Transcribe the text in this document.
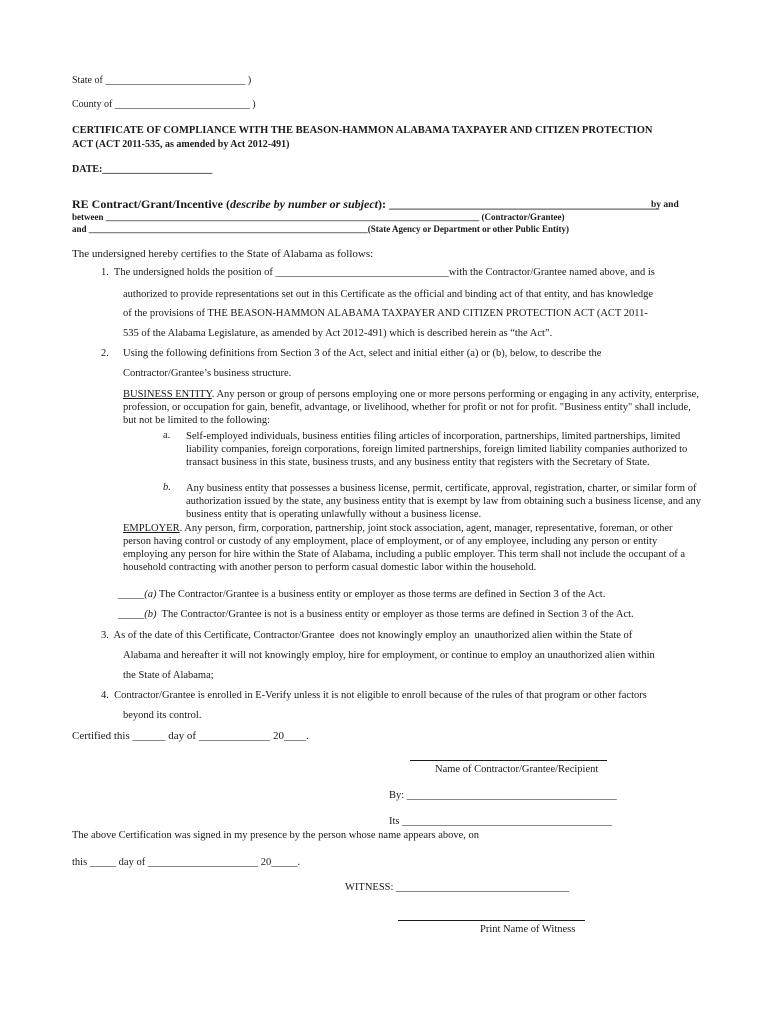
State of ____________________________ )
County of ___________________________ )
CERTIFICATE OF COMPLIANCE WITH THE BEASON-HAMMON ALABAMA TAXPAYER AND CITIZEN PROTECTION
ACT (ACT 2011-535, as amended by Act 2012-491)
DATE:______________________
RE Contract/Grant/Incentive (describe by number or subject): _____________________________________________
by and
between ___________________________________________________________________________________ (Contractor/Grantee)
and ______________________________________________________________(State Agency or Department or other Public Entity)
The undersigned hereby certifies to the State of Alabama as follows:
1.  The undersigned holds the position of _________________________________with the Contractor/Grantee named above, and is
authorized to provide representations set out in this Certificate as the official and binding act of that entity, and has knowledge
of the provisions of THE BEASON-HAMMON ALABAMA TAXPAYER AND CITIZEN PROTECTION ACT (ACT 2011-
535 of the Alabama Legislature, as amended by Act 2012-491) which is described herein as “the Act”.
2. Using the following definitions from Section 3 of the Act, select and initial either (a) or (b), below, to describe the
Contractor/Grantee’s business structure.
BUSINESS ENTITY. Any person or group of persons employing one or more persons performing or engaging in any activity, enterprise, profession, or occupation for gain, benefit, advantage, or livelihood, whether for profit or not for profit. "Business entity" shall include, but not be limited to the following:
a. Self-employed individuals, business entities filing articles of incorporation, partnerships, limited partnerships, limited liability companies, foreign corporations, foreign limited partnerships, foreign limited liability companies authorized to transact business in this state, business trusts, and any business entity that registers with the Secretary of State.
b. Any business entity that possesses a business license, permit, certificate, approval, registration, charter, or similar form of authorization issued by the state, any business entity that is exempt by law from obtaining such a business license, and any business entity that is operating unlawfully without a business license.
EMPLOYER. Any person, firm, corporation, partnership, joint stock association, agent, manager, representative, foreman, or other person having control or custody of any employment, place of employment, or of any employee, including any person or entity employing any person for hire within the State of Alabama, including a public employer. This term shall not include the occupant of a household contracting with another person to perform casual domestic labor within the household.
_____(a) The Contractor/Grantee is a business entity or employer as those terms are defined in Section 3 of the Act.
_____(b)  The Contractor/Grantee is not is a business entity or employer as those terms are defined in Section 3 of the Act.
3.  As of the date of this Certificate, Contractor/Grantee  does not knowingly employ an  unauthorized alien within the State of
Alabama and hereafter it will not knowingly employ, hire for employment, or continue to employ an unauthorized alien within
the State of Alabama;
4.  Contractor/Grantee is enrolled in E-Verify unless it is not eligible to enroll because of the rules of that program or other factors
beyond its control.
Certified this ______ day of _____________ 20____.
Name of Contractor/Grantee/Recipient
By: ________________________________________
Its ________________________________________
The above Certification was signed in my presence by the person whose name appears above, on
this _____ day of _____________________ 20_____.
WITNESS: _________________________________
Print Name of Witness
